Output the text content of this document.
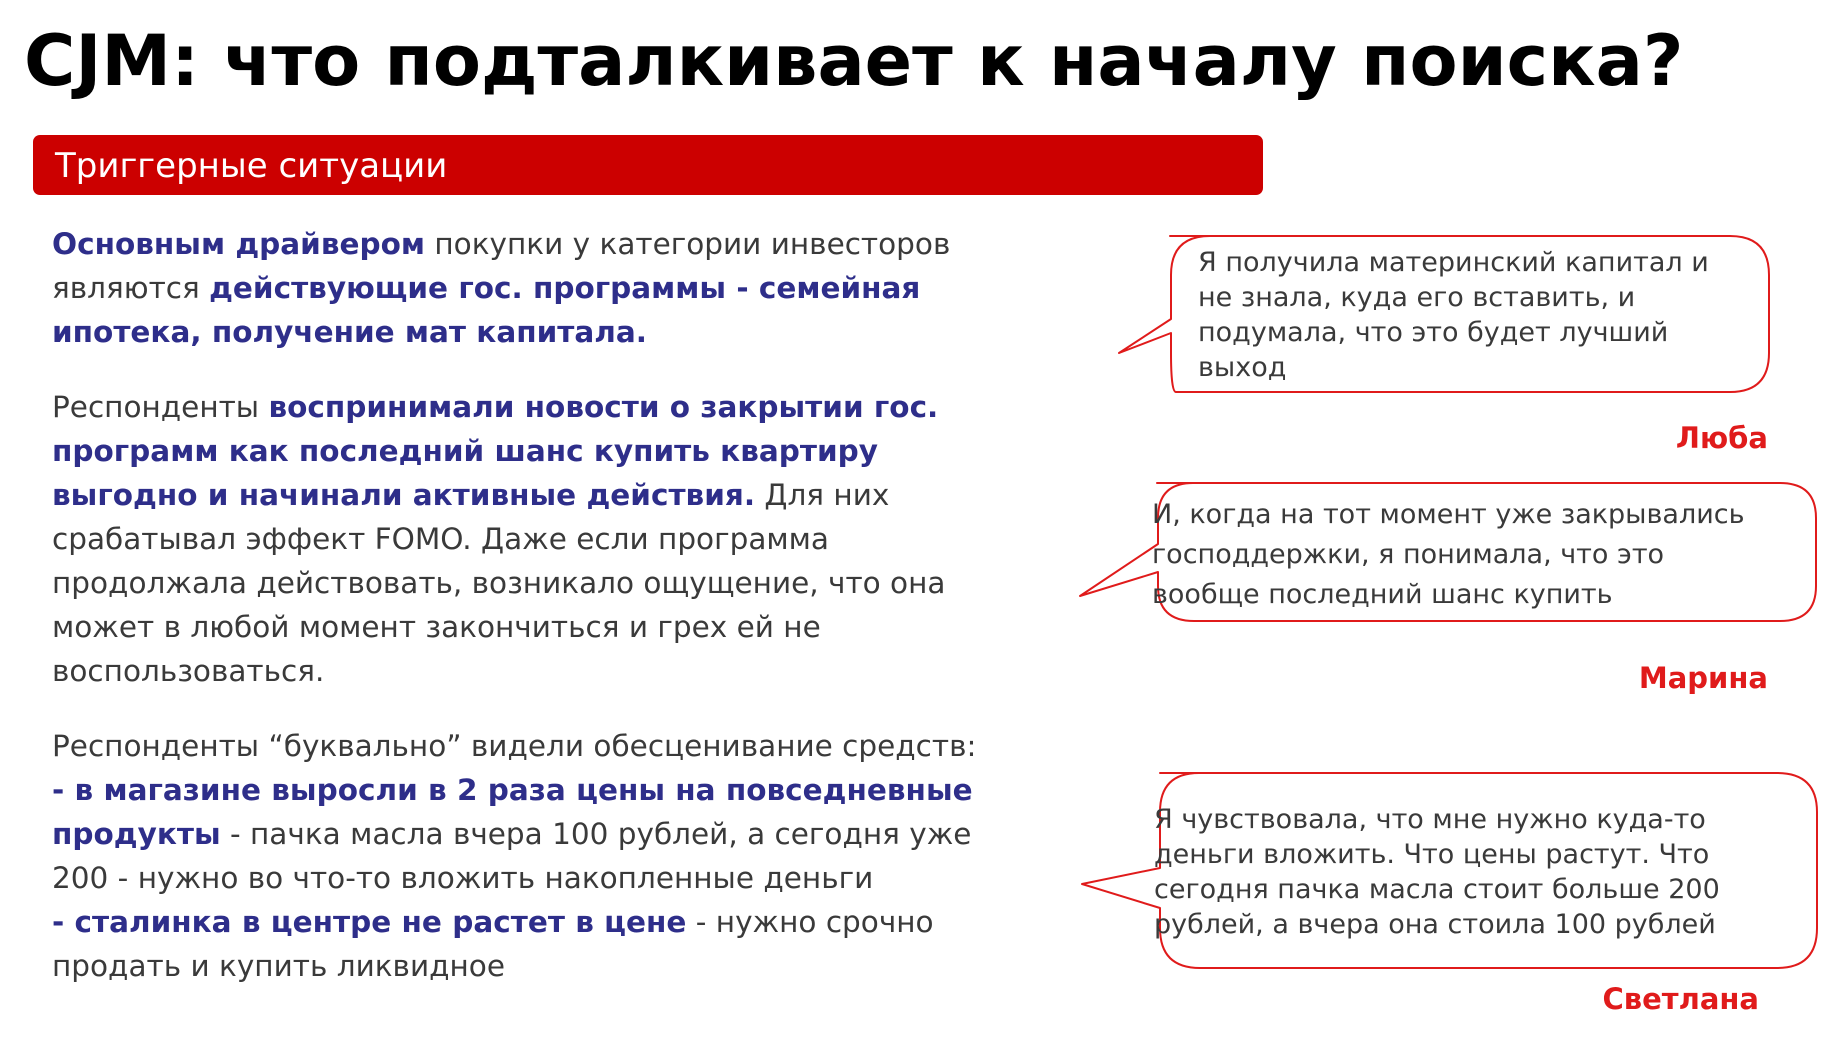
CJM: что подталкивает к началу поиска?
Триггерные ситуации

Основным драйвером покупки у категории инвесторов
являются действующие гос. программы - семейная
ипотека, получение мат капитала.

Респонденты воспринимали новости о закрытии гос.
программ как последний шанс купить квартиру
выгодно и начинали активные действия. Для них
срабатывал эффект FOMO. Даже если программа
продолжала действовать, возникало ощущение, что она
может в любой момент закончиться и грех ей не
воспользоваться.

Респонденты “буквально” видели обесценивание средств:
- в магазине выросли в 2 раза цены на повседневные
продукты - пачка масла вчера 100 рублей, а сегодня уже
200 - нужно во что-то вложить накопленные деньги
- сталинка в центре не растет в цене - нужно срочно
продать и купить ликвидное

Я получила материнский капитал и
не знала, куда его вставить, и
подумала, что это будет лучший
выход
Люба
И, когда на тот момент уже закрывались
господдержки, я понимала, что это
вообще последний шанс купить
Марина
Я чувствовала, что мне нужно куда-то
деньги вложить. Что цены растут. Что
сегодня пачка масла стоит больше 200
рублей, а вчера она стоила 100 рублей
Светлана
